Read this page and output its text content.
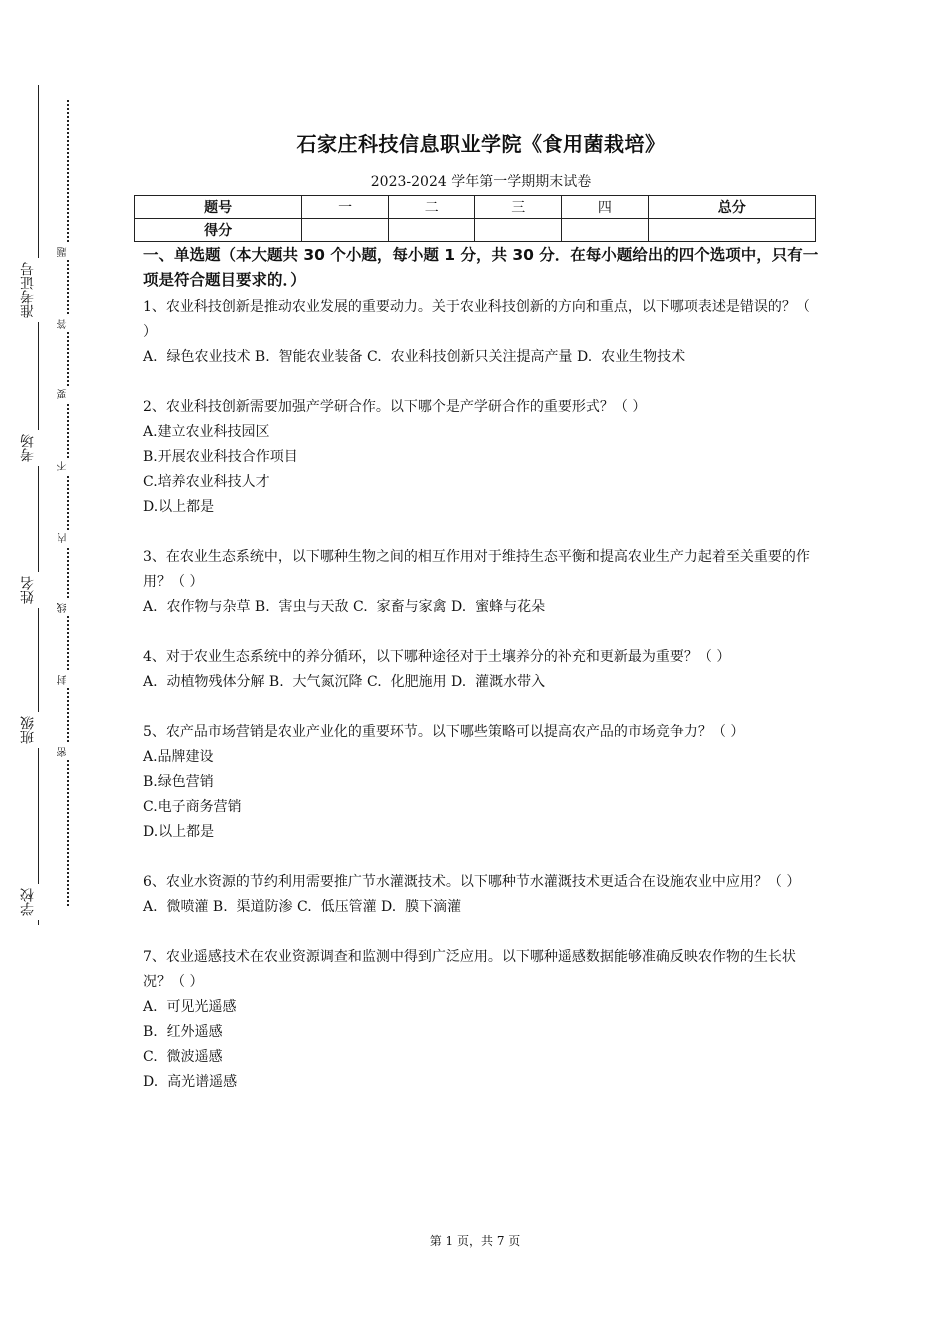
准考证号
考场
姓名
班级
学校
题
答
要
不
内
线
封
密
石家庄科技信息职业学院《食用菌栽培》

2023-2024 学年第一学期期末试卷

题号	一	二	三	四	总分
得分					
一、单选题（本大题共 30 个小题，每小题 1 分，共 30 分．在每小题给出的四个选项中，只有一项是符合题目要求的．）

1、农业科技创新是推动农业发展的重要动力。关于农业科技创新的方向和重点，以下哪项表述是错误的？（ ）

A.  绿色农业技术 B.  智能农业装备 C.  农业科技创新只关注提高产量 D.  农业生物技术

2、农业科技创新需要加强产学研合作。以下哪个是产学研合作的重要形式？（ ）

A.建立农业科技园区

B.开展农业科技合作项目

C.培养农业科技人才

D.以上都是

3、在农业生态系统中，以下哪种生物之间的相互作用对于维持生态平衡和提高农业生产力起着至关重要的作用？（ ）

A.  农作物与杂草 B.  害虫与天敌 C.  家畜与家禽 D.  蜜蜂与花朵

4、对于农业生态系统中的养分循环，以下哪种途径对于土壤养分的补充和更新最为重要？（ ）

A.  动植物残体分解 B.  大气氮沉降 C.  化肥施用 D.  灌溉水带入

5、农产品市场营销是农业产业化的重要环节。以下哪些策略可以提高农产品的市场竞争力？（ ）

A.品牌建设

B.绿色营销

C.电子商务营销

D.以上都是

6、农业水资源的节约利用需要推广节水灌溉技术。以下哪种节水灌溉技术更适合在设施农业中应用？（ ）

A.  微喷灌 B.  渠道防渗 C.  低压管灌 D.  膜下滴灌

7、农业遥感技术在农业资源调查和监测中得到广泛应用。以下哪种遥感数据能够准确反映农作物的生长状况？（ ）

A.  可见光遥感

B.  红外遥感

C.  微波遥感

D.  高光谱遥感

第 1 页，共 7 页
